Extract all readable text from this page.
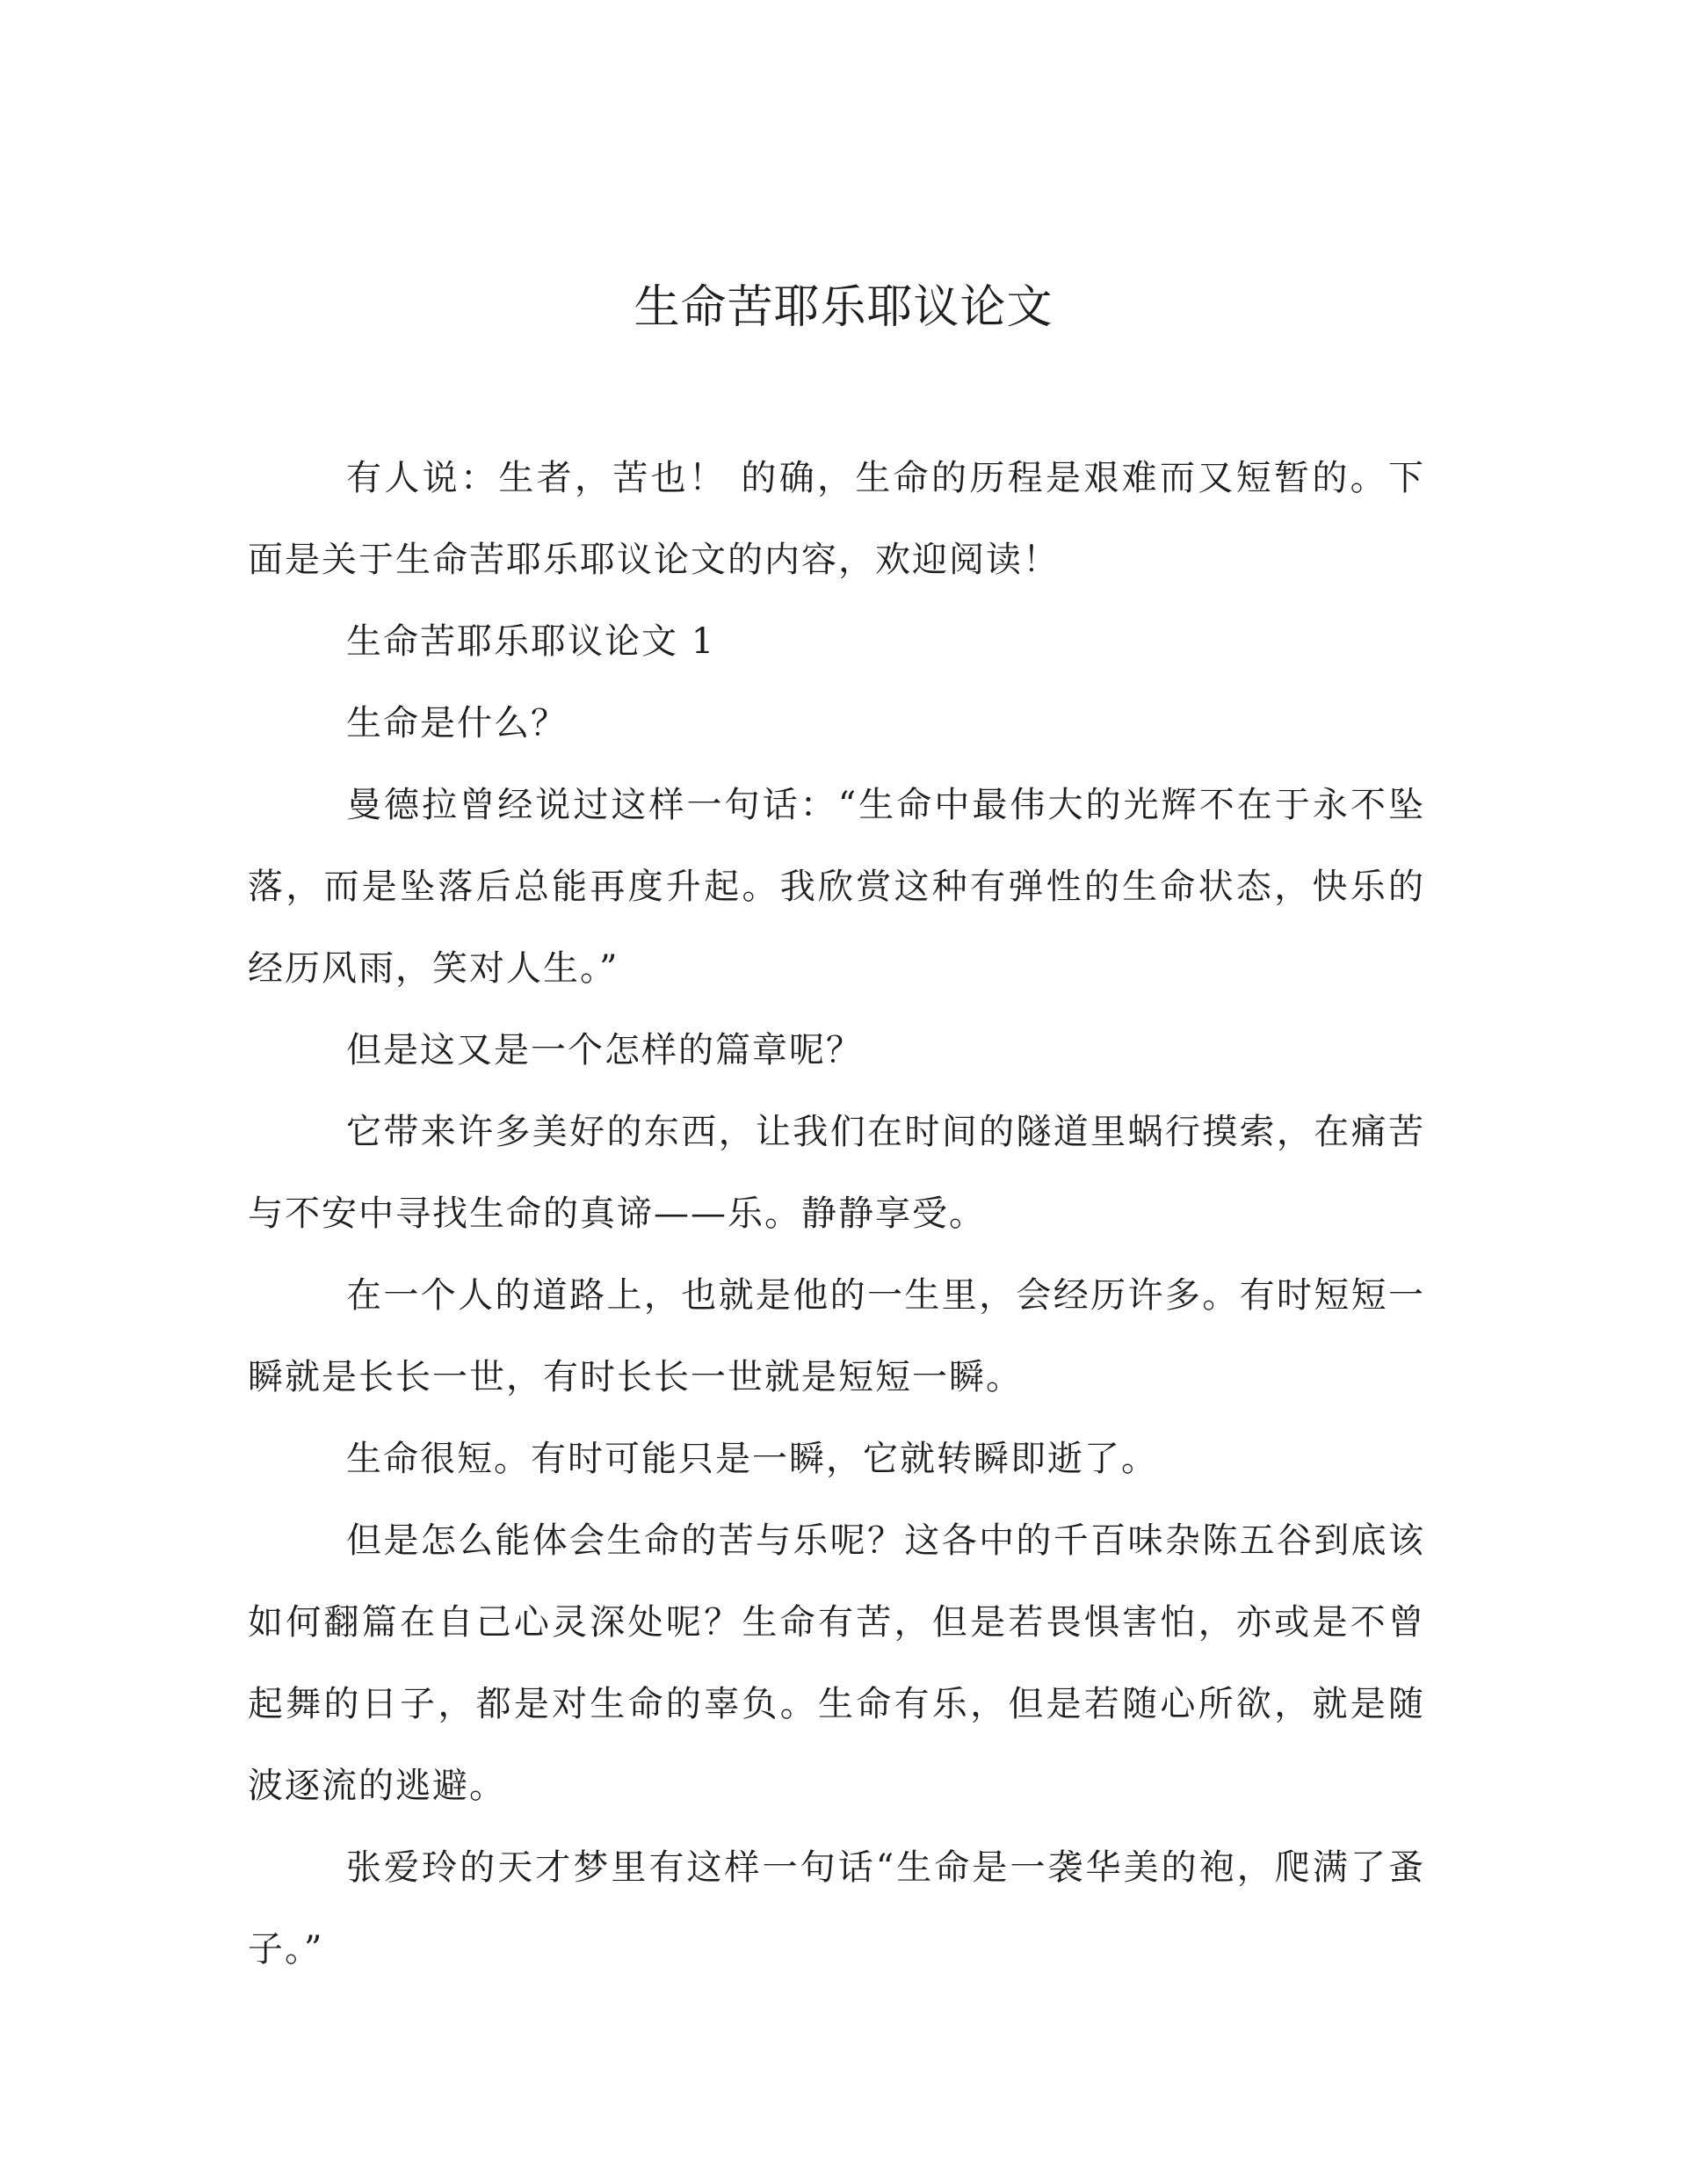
生命苦耶乐耶议论文

有人说：生者，苦也！ 的确，生命的历程是艰难而又短暂的。下面是关于生命苦耶乐耶议论文的内容，欢迎阅读！

生命苦耶乐耶议论文 1

生命是什么？

曼德拉曾经说过这样一句话：“生命中最伟大的光辉不在于永不坠落，而是坠落后总能再度升起。我欣赏这种有弹性的生命状态，快乐的经历风雨，笑对人生。”

但是这又是一个怎样的篇章呢？

它带来许多美好的东西，让我们在时间的隧道里蜗行摸索，在痛苦与不安中寻找生命的真谛——乐。静静享受。

在一个人的道路上，也就是他的一生里，会经历许多。有时短短一瞬就是长长一世，有时长长一世就是短短一瞬。

生命很短。有时可能只是一瞬，它就转瞬即逝了。

但是怎么能体会生命的苦与乐呢？这各中的千百味杂陈五谷到底该如何翻篇在自己心灵深处呢？生命有苦，但是若畏惧害怕，亦或是不曾起舞的日子，都是对生命的辜负。生命有乐，但是若随心所欲，就是随波逐流的逃避。

张爱玲的天才梦里有这样一句话“生命是一袭华美的袍，爬满了蚤子。”
